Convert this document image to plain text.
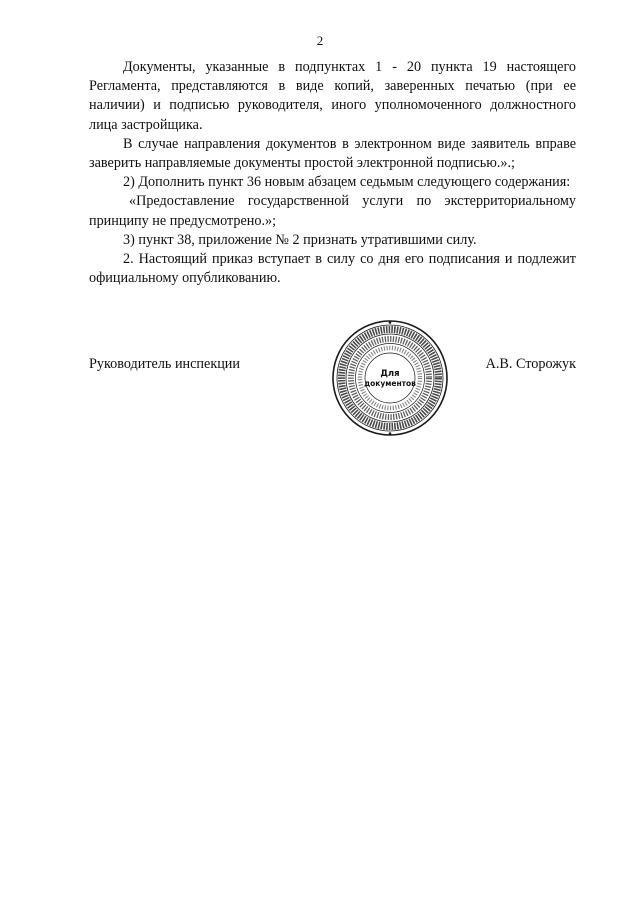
2

Документы, указанные в подпунктах 1 - 20 пункта 19 настоящего Регламента, представляются в виде копий, заверенных печатью (при ее наличии) и подписью руководителя, иного уполномоченного должностного лица застройщика.

В случае направления документов в электронном виде заявитель вправе заверить направляемые документы простой электронной подписью.».;

2) Дополнить пункт 36 новым абзацем седьмым следующего содержания:

«Предоставление государственной услуги по экстерриториальному принципу не предусмотрено.»;

3) пункт 38, приложение № 2 признать утратившими силу.

2. Настоящий приказ вступает в силу со дня его подписания и подлежит официальному опубликованию.

Руководитель инспекции	А.В. Сторожук
Для
документов
